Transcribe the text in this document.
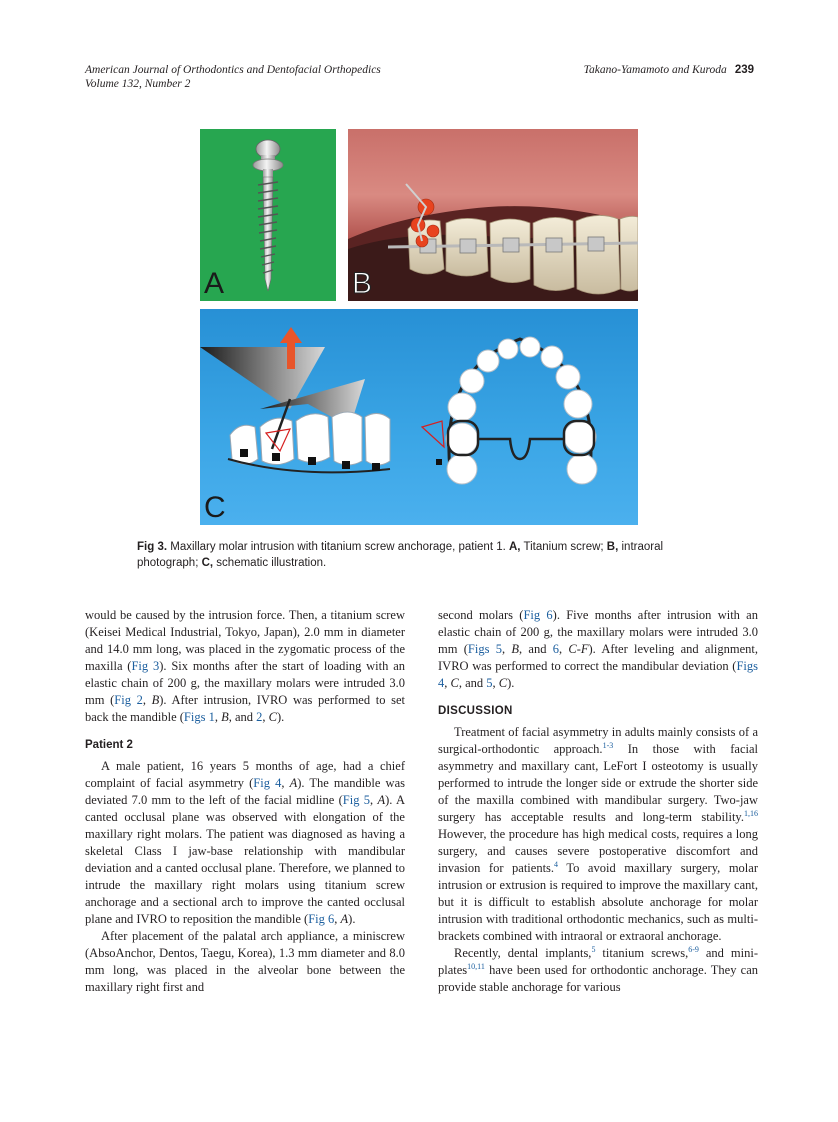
American Journal of Orthodontics and Dentofacial Orthopedics
Volume 132, Number 2
Takano-Yamamoto and Kuroda 239
A	B
C
Fig 3. Maxillary molar intrusion with titanium screw anchorage, patient 1. A, Titanium screw; B, intraoral photograph; C, schematic illustration.

would be caused by the intrusion force. Then, a titanium screw (Keisei Medical Industrial, Tokyo, Japan), 2.0 mm in diameter and 14.0 mm long, was placed in the zygomatic process of the maxilla (Fig 3). Six months after the start of loading with an elastic chain of 200 g, the maxillary molars were intruded 3.0 mm (Fig 2, B). After intrusion, IVRO was performed to set back the mandible (Figs 1, B, and 2, C).

Patient 2

A male patient, 16 years 5 months of age, had a chief complaint of facial asymmetry (Fig 4, A). The mandible was deviated 7.0 mm to the left of the facial midline (Fig 5, A). A canted occlusal plane was observed with elongation of the maxillary right molars. The patient was diagnosed as having a skeletal Class I jaw-base relationship with mandibular deviation and a canted occlusal plane. Therefore, we planned to intrude the maxillary right molars using titanium screw anchorage and a sectional arch to improve the canted occlusal plane and IVRO to reposition the mandible (Fig 6, A).

After placement of the palatal arch appliance, a miniscrew (AbsoAnchor, Dentos, Taegu, Korea), 1.3 mm diameter and 8.0 mm long, was placed in the alveolar bone between the maxillary right first and

second molars (Fig 6). Five months after intrusion with an elastic chain of 200 g, the maxillary molars were intruded 3.0 mm (Figs 5, B, and 6, C-F). After leveling and alignment, IVRO was performed to correct the mandibular deviation (Figs 4, C, and 5, C).

DISCUSSION

Treatment of facial asymmetry in adults mainly consists of a surgical-orthodontic approach.$^{1-3}$ In those with facial asymmetry and maxillary cant, LeFort I osteotomy is usually performed to intrude the longer side or extrude the shorter side of the maxilla combined with mandibular surgery. Two-jaw surgery has acceptable results and long-term stability.$^{1,16}$ However, the procedure has high medical costs, requires a long surgery, and causes severe postoperative discomfort and invasion for patients.$^4$ To avoid maxillary surgery, molar intrusion or extrusion is required to improve the maxillary cant, but it is difficult to establish absolute anchorage for molar intrusion with traditional orthodontic mechanics, such as multi-brackets combined with intraoral or extraoral anchorage.

Recently, dental implants,$^5$ titanium screws,$^{6-9}$ and mini-plates$^{10,11}$ have been used for orthodontic anchorage. They can provide stable anchorage for various
